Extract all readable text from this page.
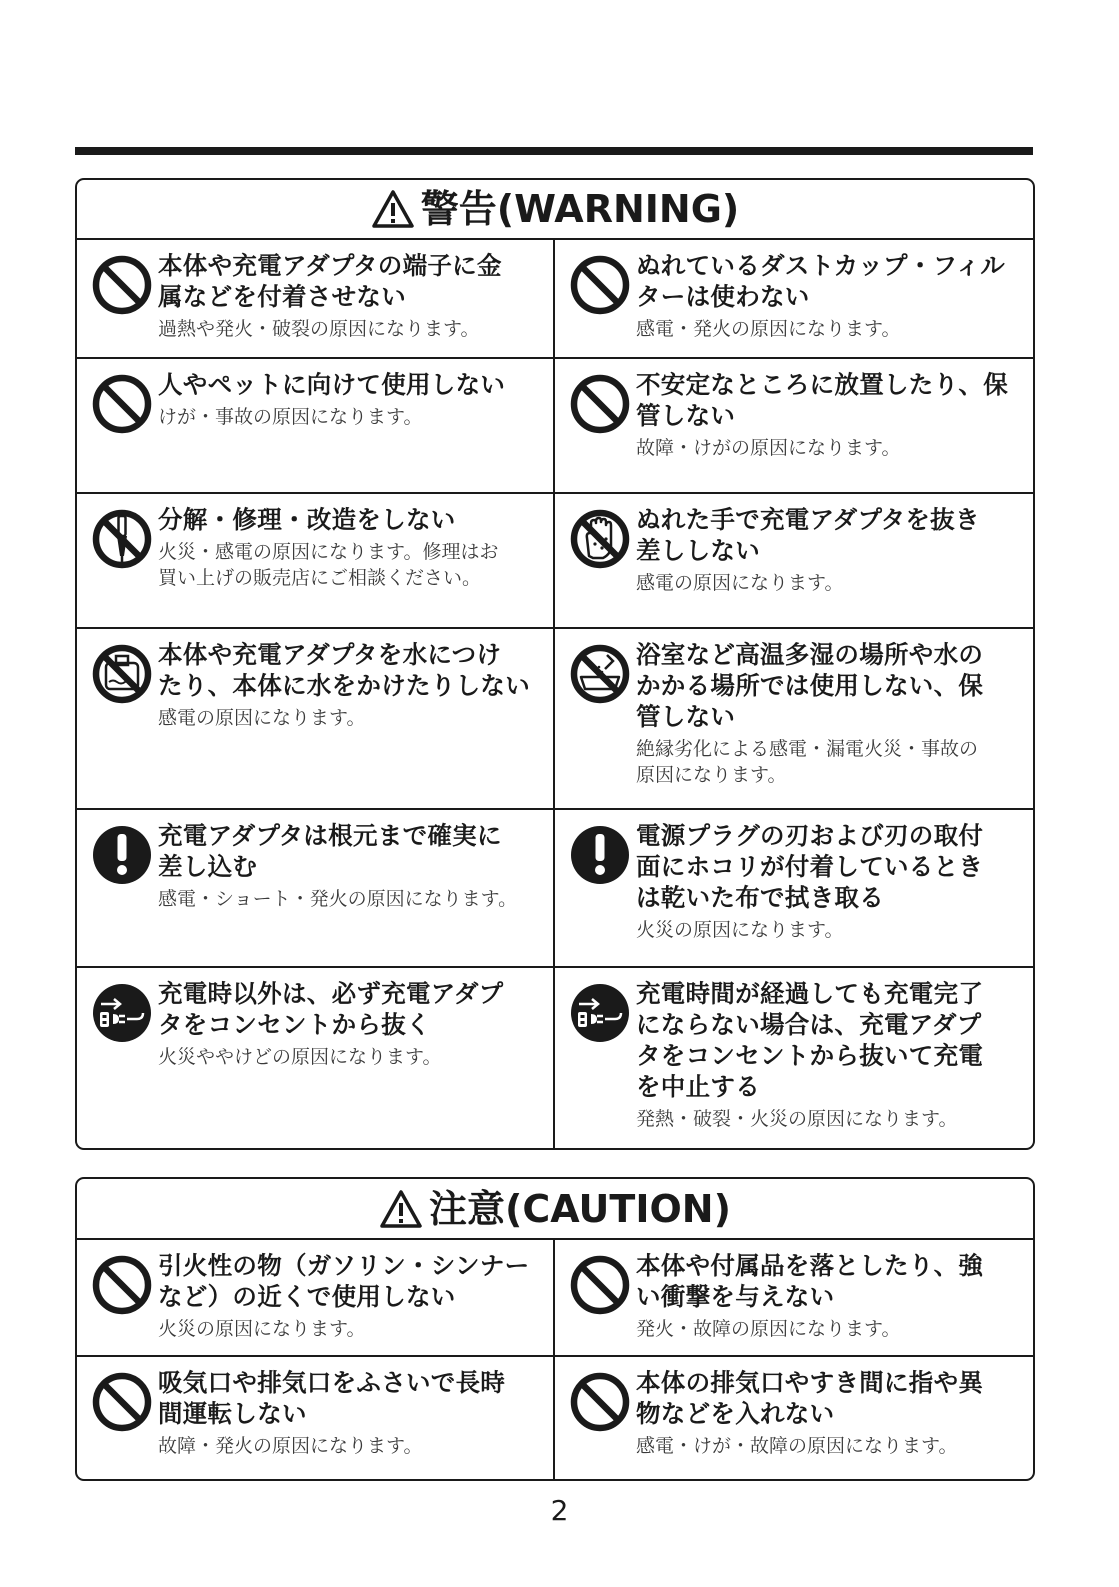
警告(WARNING)
本体や充電アダプタの端子に金
属などを付着させない
過熱や発火・破裂の原因になります。
ぬれているダストカップ・フィル
ターは使わない
感電・発火の原因になります。
人やペットに向けて使用しない
けが・事故の原因になります。
不安定なところに放置したり、保
管しない
故障・けがの原因になります。
分解・修理・改造をしない
火災・感電の原因になります。修理はお
買い上げの販売店にご相談ください。
ぬれた手で充電アダプタを抜き
差ししない
感電の原因になります。
本体や充電アダプタを水につけ
たり、本体に水をかけたりしない
感電の原因になります。
浴室など高温多湿の場所や水の
かかる場所では使用しない、保
管しない
絶縁劣化による感電・漏電火災・事故の
原因になります。
充電アダプタは根元まで確実に
差し込む
感電・ショート・発火の原因になります。
電源プラグの刃および刃の取付
面にホコリが付着しているとき
は乾いた布で拭き取る
火災の原因になります。
充電時以外は、必ず充電アダプ
タをコンセントから抜く
火災ややけどの原因になります。
充電時間が経過しても充電完了
にならない場合は、充電アダプ
タをコンセントから抜いて充電
を中止する
発熱・破裂・火災の原因になります。
注意(CAUTION)
引火性の物（ガソリン・シンナー
など）の近くで使用しない
火災の原因になります。
本体や付属品を落としたり、強
い衝撃を与えない
発火・故障の原因になります。
吸気口や排気口をふさいで長時
間運転しない
故障・発火の原因になります。
本体の排気口やすき間に指や異
物などを入れない
感電・けが・故障の原因になります。
2
